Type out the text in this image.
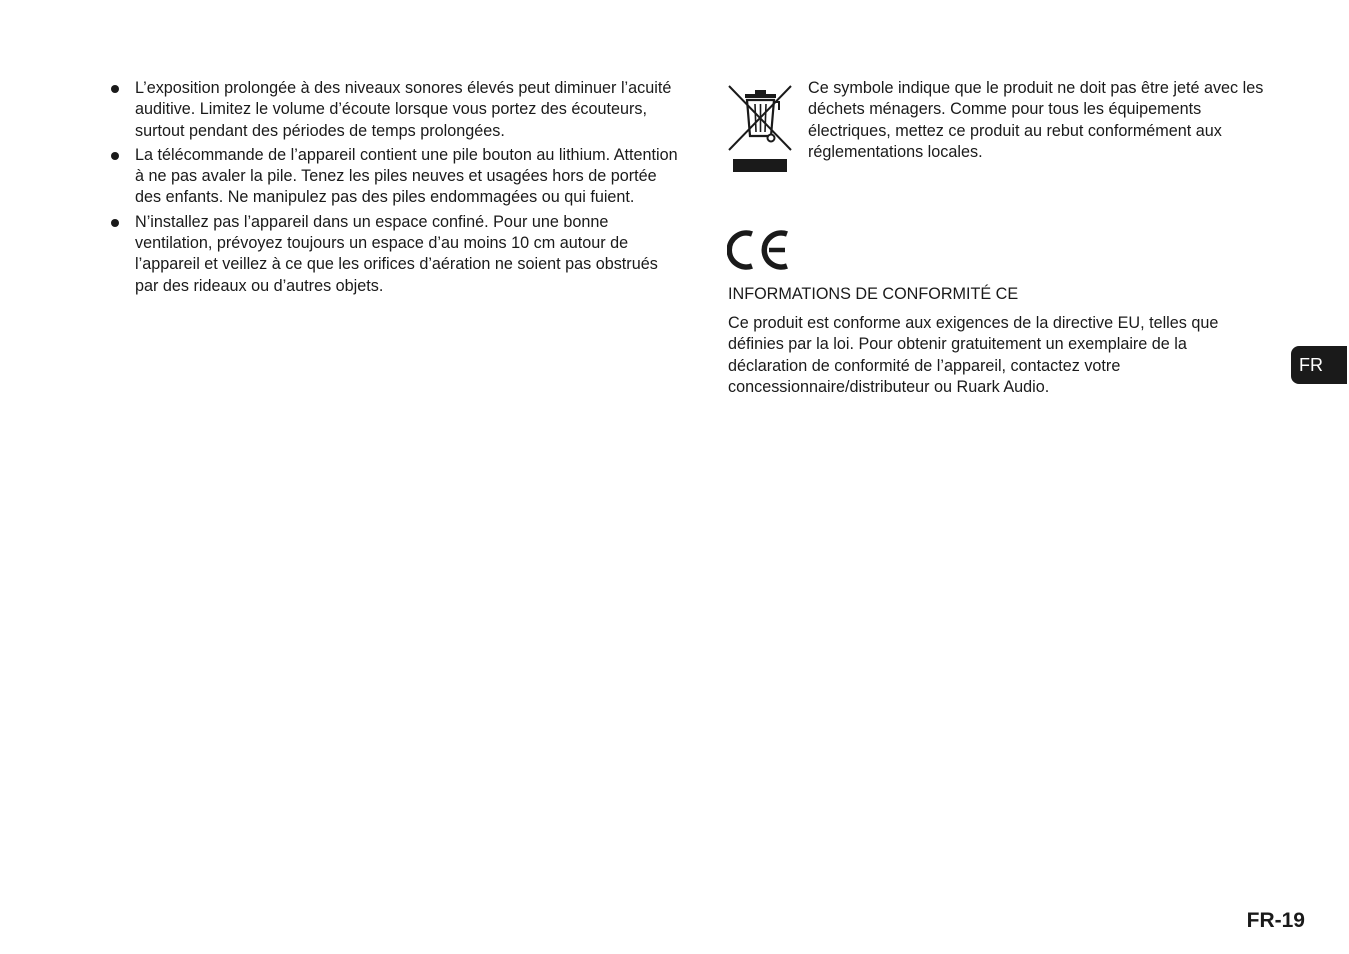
L’exposition prolongée à des niveaux sonores élevés peut diminuer l’acuité auditive. Limitez le volume d’écoute lorsque vous portez des écouteurs, surtout pendant des périodes de temps prolongées.
La télécommande de l’appareil contient une pile bouton au lithium. Attention à ne pas avaler la pile. Tenez les piles neuves et usagées hors de portée des enfants. Ne manipulez pas des piles endommagées ou qui fuient.
N’installez pas l’appareil dans un espace confiné. Pour une bonne ventilation, prévoyez toujours un espace d’au moins 10 cm autour de l’appareil et veillez à ce que les orifices d’aération ne soient pas obstrués par des rideaux ou d’autres objets.
Ce symbole indique que le produit ne doit pas être jeté avec les déchets ménagers. Comme pour tous les équipements électriques, mettez ce produit au rebut conformément aux réglementations locales.
INFORMATIONS DE CONFORMITÉ CE
Ce produit est conforme aux exigences de la directive EU, telles que définies par la loi. Pour obtenir gratuitement un exemplaire de la déclaration de conformité de l’appareil, contactez votre concessionnaire/distributeur ou Ruark Audio.
FR
FR-19
